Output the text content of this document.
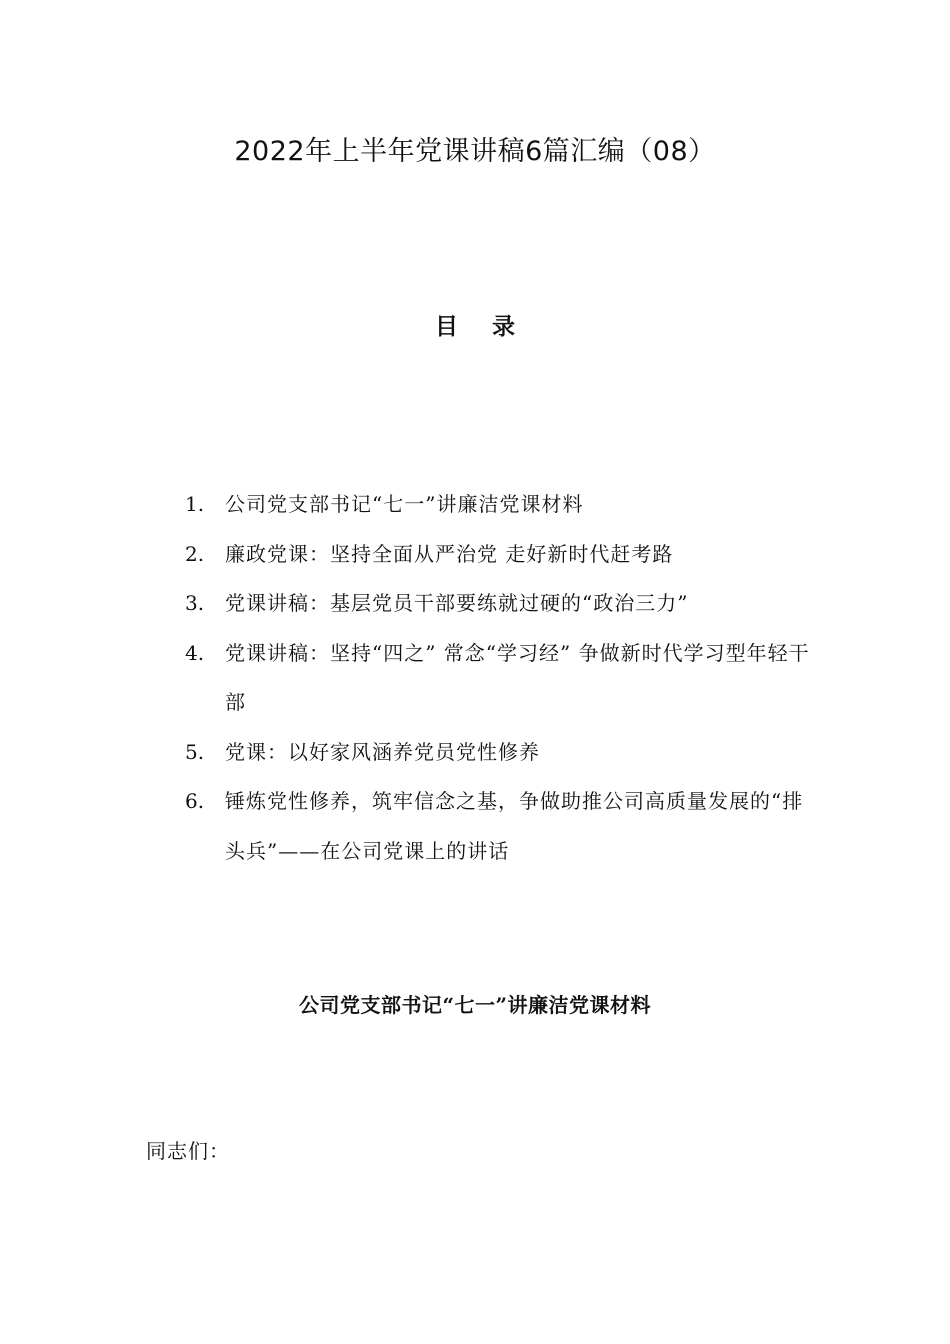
2022年上半年党课讲稿6篇汇编（08）
目录
1.	公司党支部书记“七一”讲廉洁党课材料
2.	廉政党课：坚持全面从严治党 走好新时代赶考路
3.	党课讲稿：基层党员干部要练就过硬的“政治三力”
4.	党课讲稿：坚持“四之” 常念“学习经” 争做新时代学习型年轻干部
5.	党课：以好家风涵养党员党性修养
6.	锤炼党性修养，筑牢信念之基，争做助推公司高质量发展的“排头兵”——在公司党课上的讲话
公司党支部书记“七一”讲廉洁党课材料
同志们：
